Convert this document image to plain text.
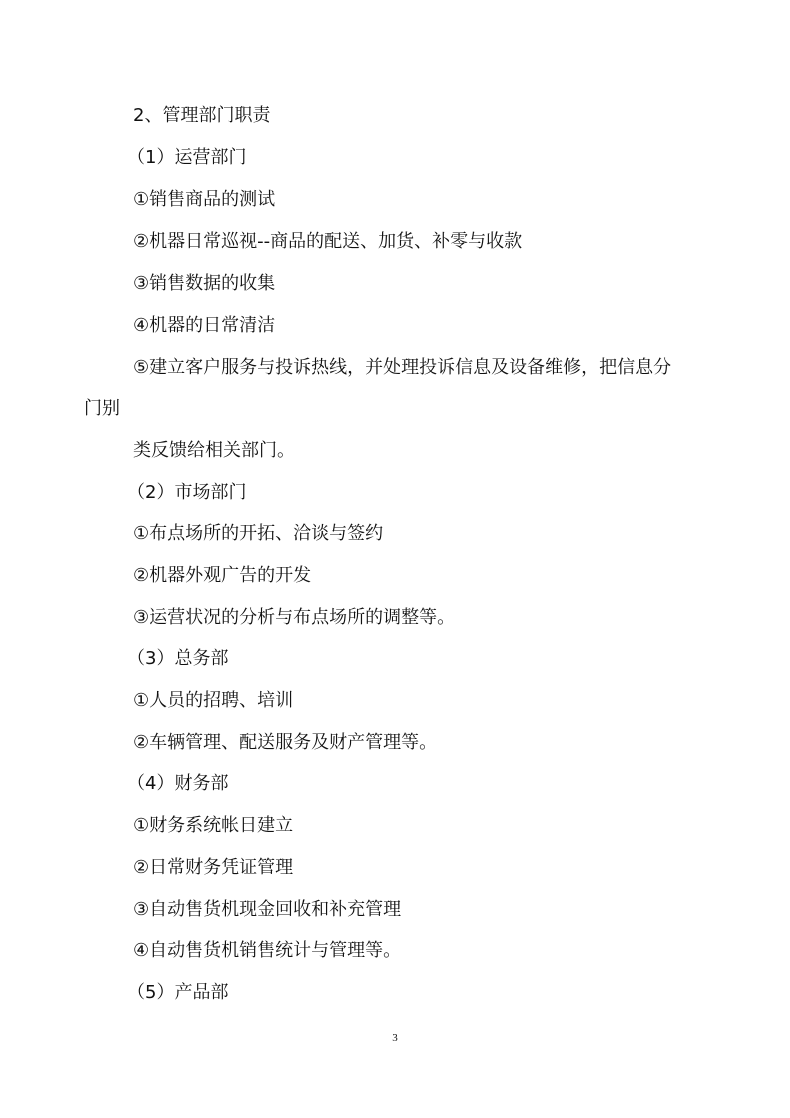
2、管理部门职责
（1）运营部门
①销售商品的测试
②机器日常巡视--商品的配送、加货、补零与收款
③销售数据的收集
④机器的日常清洁
⑤建立客户服务与投诉热线，并处理投诉信息及设备维修，把信息分
门别
类反馈给相关部门。
（2）市场部门
①布点场所的开拓、洽谈与签约
②机器外观广告的开发
③运营状况的分析与布点场所的调整等。
（3）总务部
①人员的招聘、培训
②车辆管理、配送服务及财产管理等。
（4）财务部
①财务系统帐日建立
②日常财务凭证管理
③自动售货机现金回收和补充管理
④自动售货机销售统计与管理等。
（5）产品部
3
